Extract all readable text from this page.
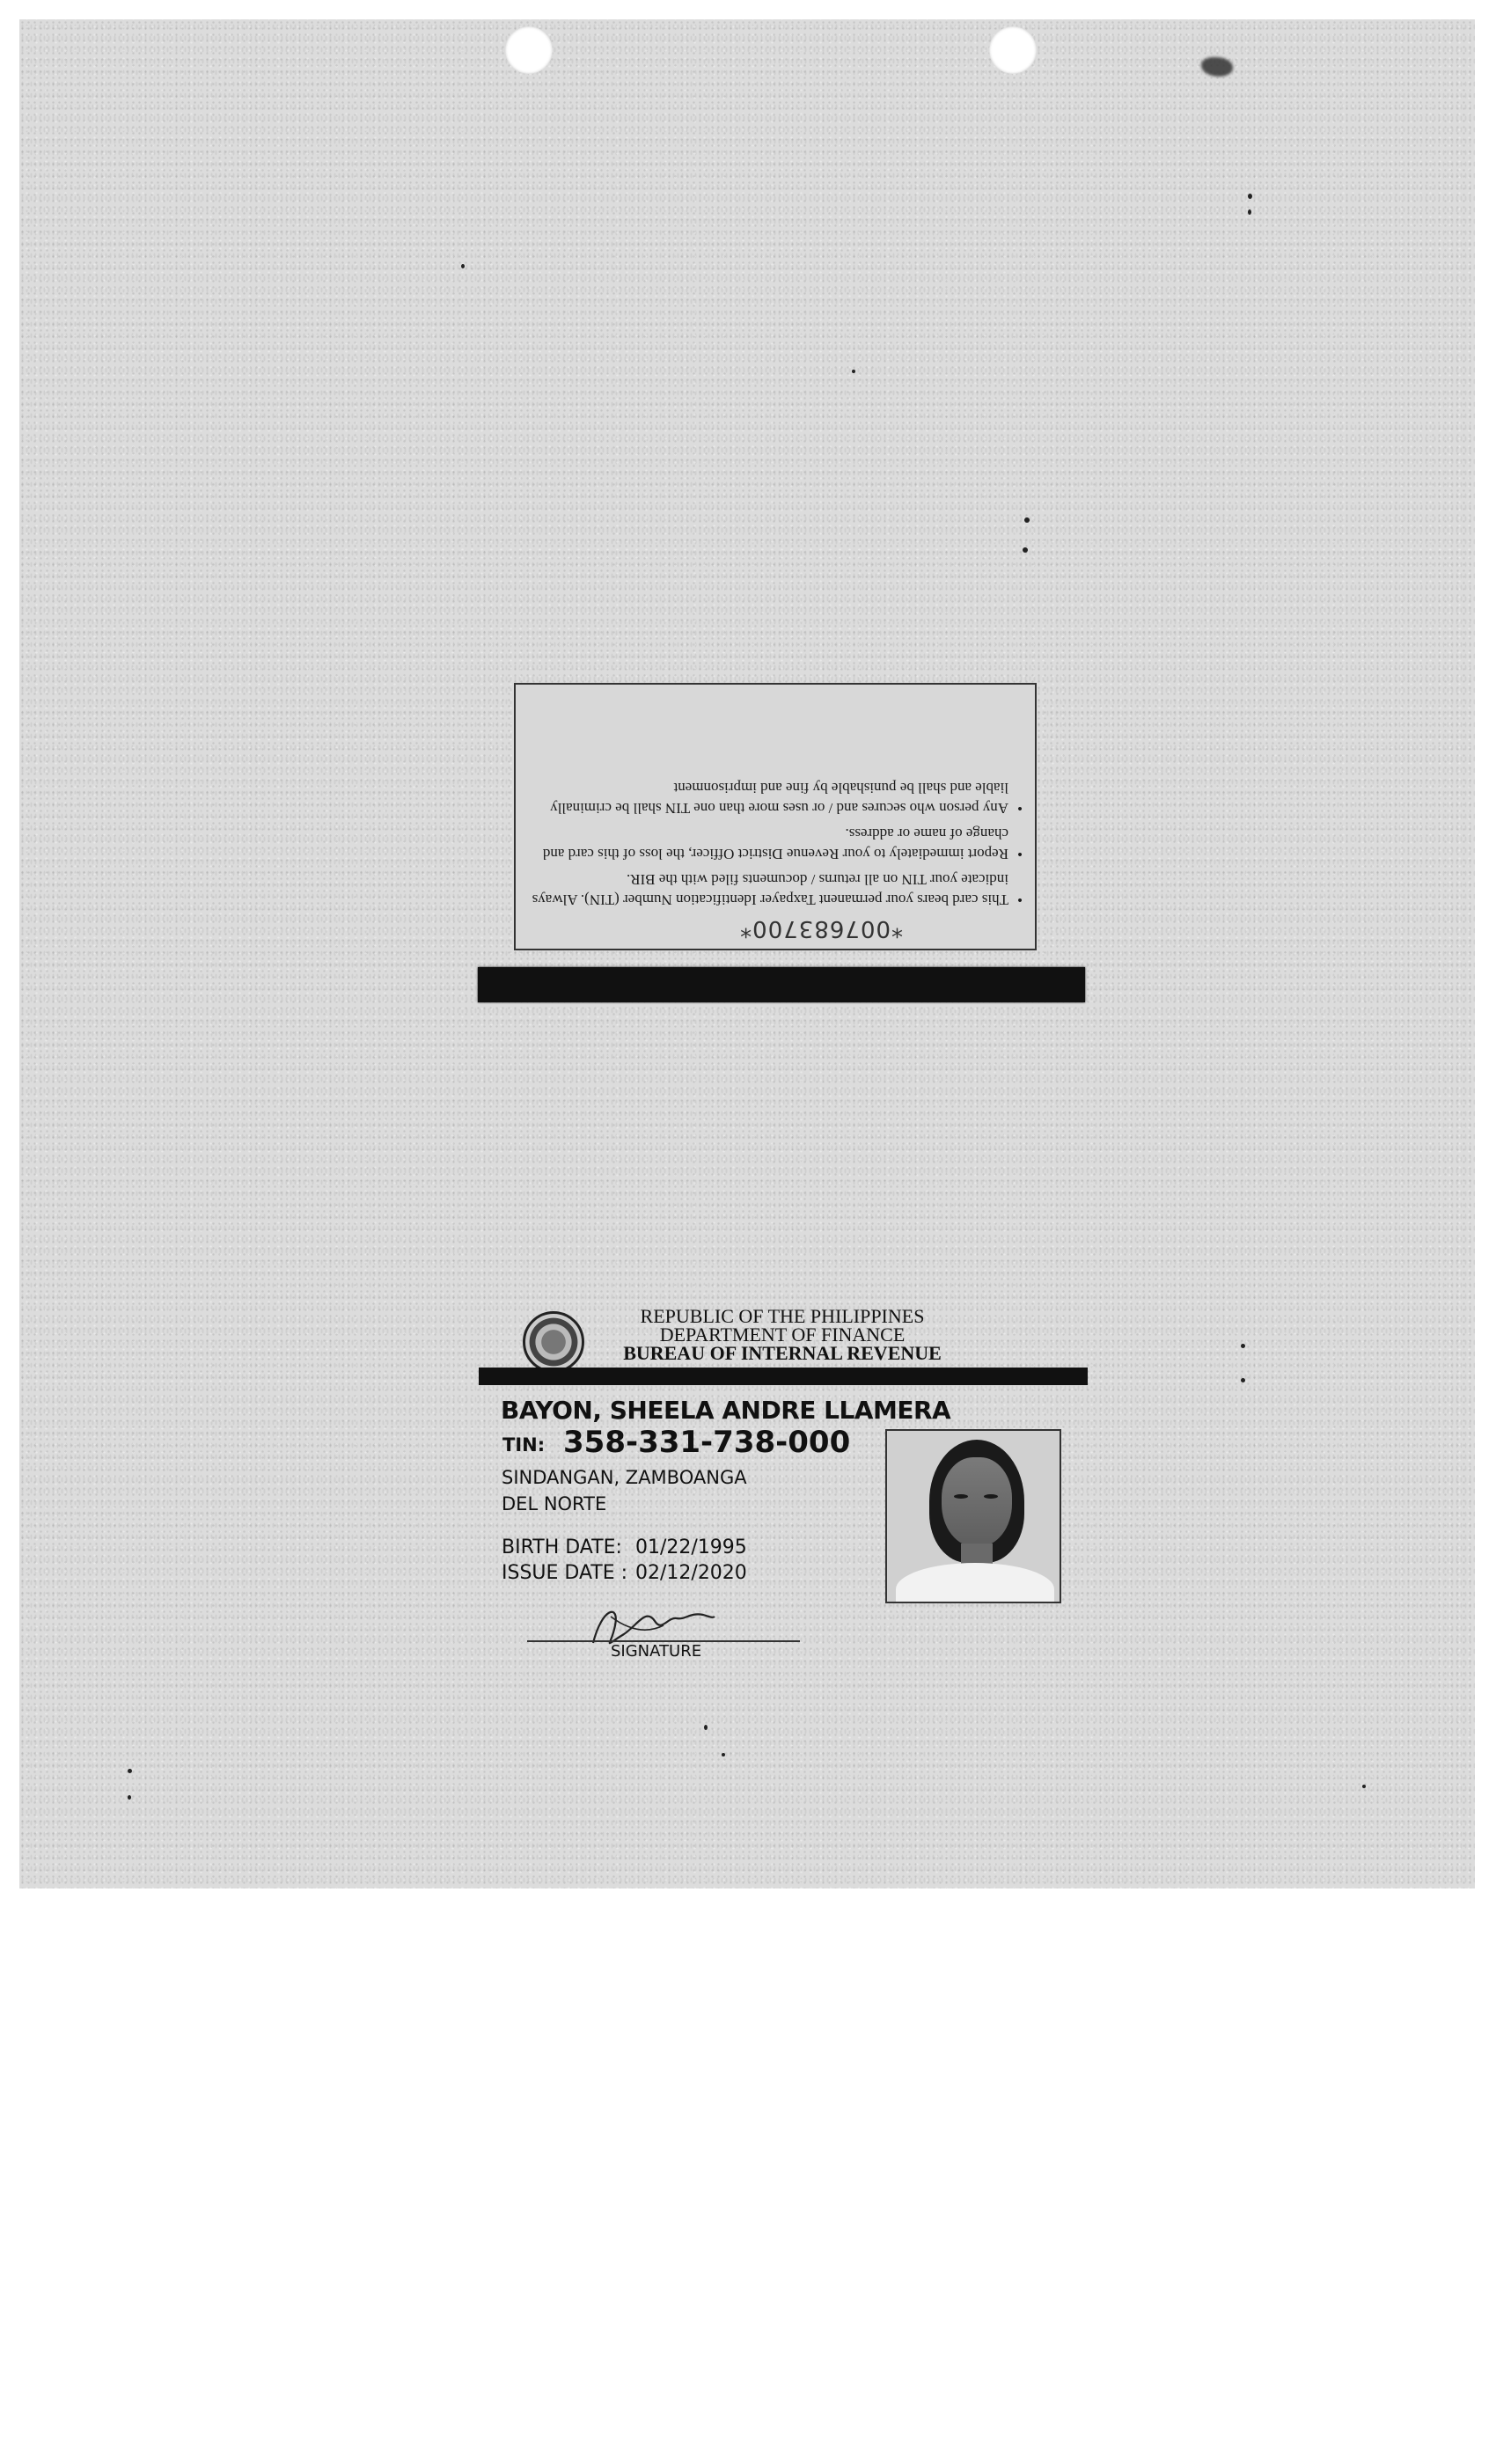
*007683700*
• This card bears your permanent Taxpayer Identification Number (TIN). Always indicate your TIN on all returns / documents filed with the BIR.
• Report immediately to your Revenue District Officer, the loss of this card and change of name or address.
• Any person who secures and / or uses more than one TIN shall be criminally liable and shall be punishable by fine and imprisonment
REPUBLIC OF THE PHILIPPINES
DEPARTMENT OF FINANCE
BUREAU OF INTERNAL REVENUE
BAYON, SHEELA ANDRE LLAMERA
TIN: 358-331-738-000
SINDANGAN, ZAMBOANGA
DEL NORTE
BIRTH DATE: 01/22/1995
ISSUE DATE : 02/12/2020
SIGNATURE
